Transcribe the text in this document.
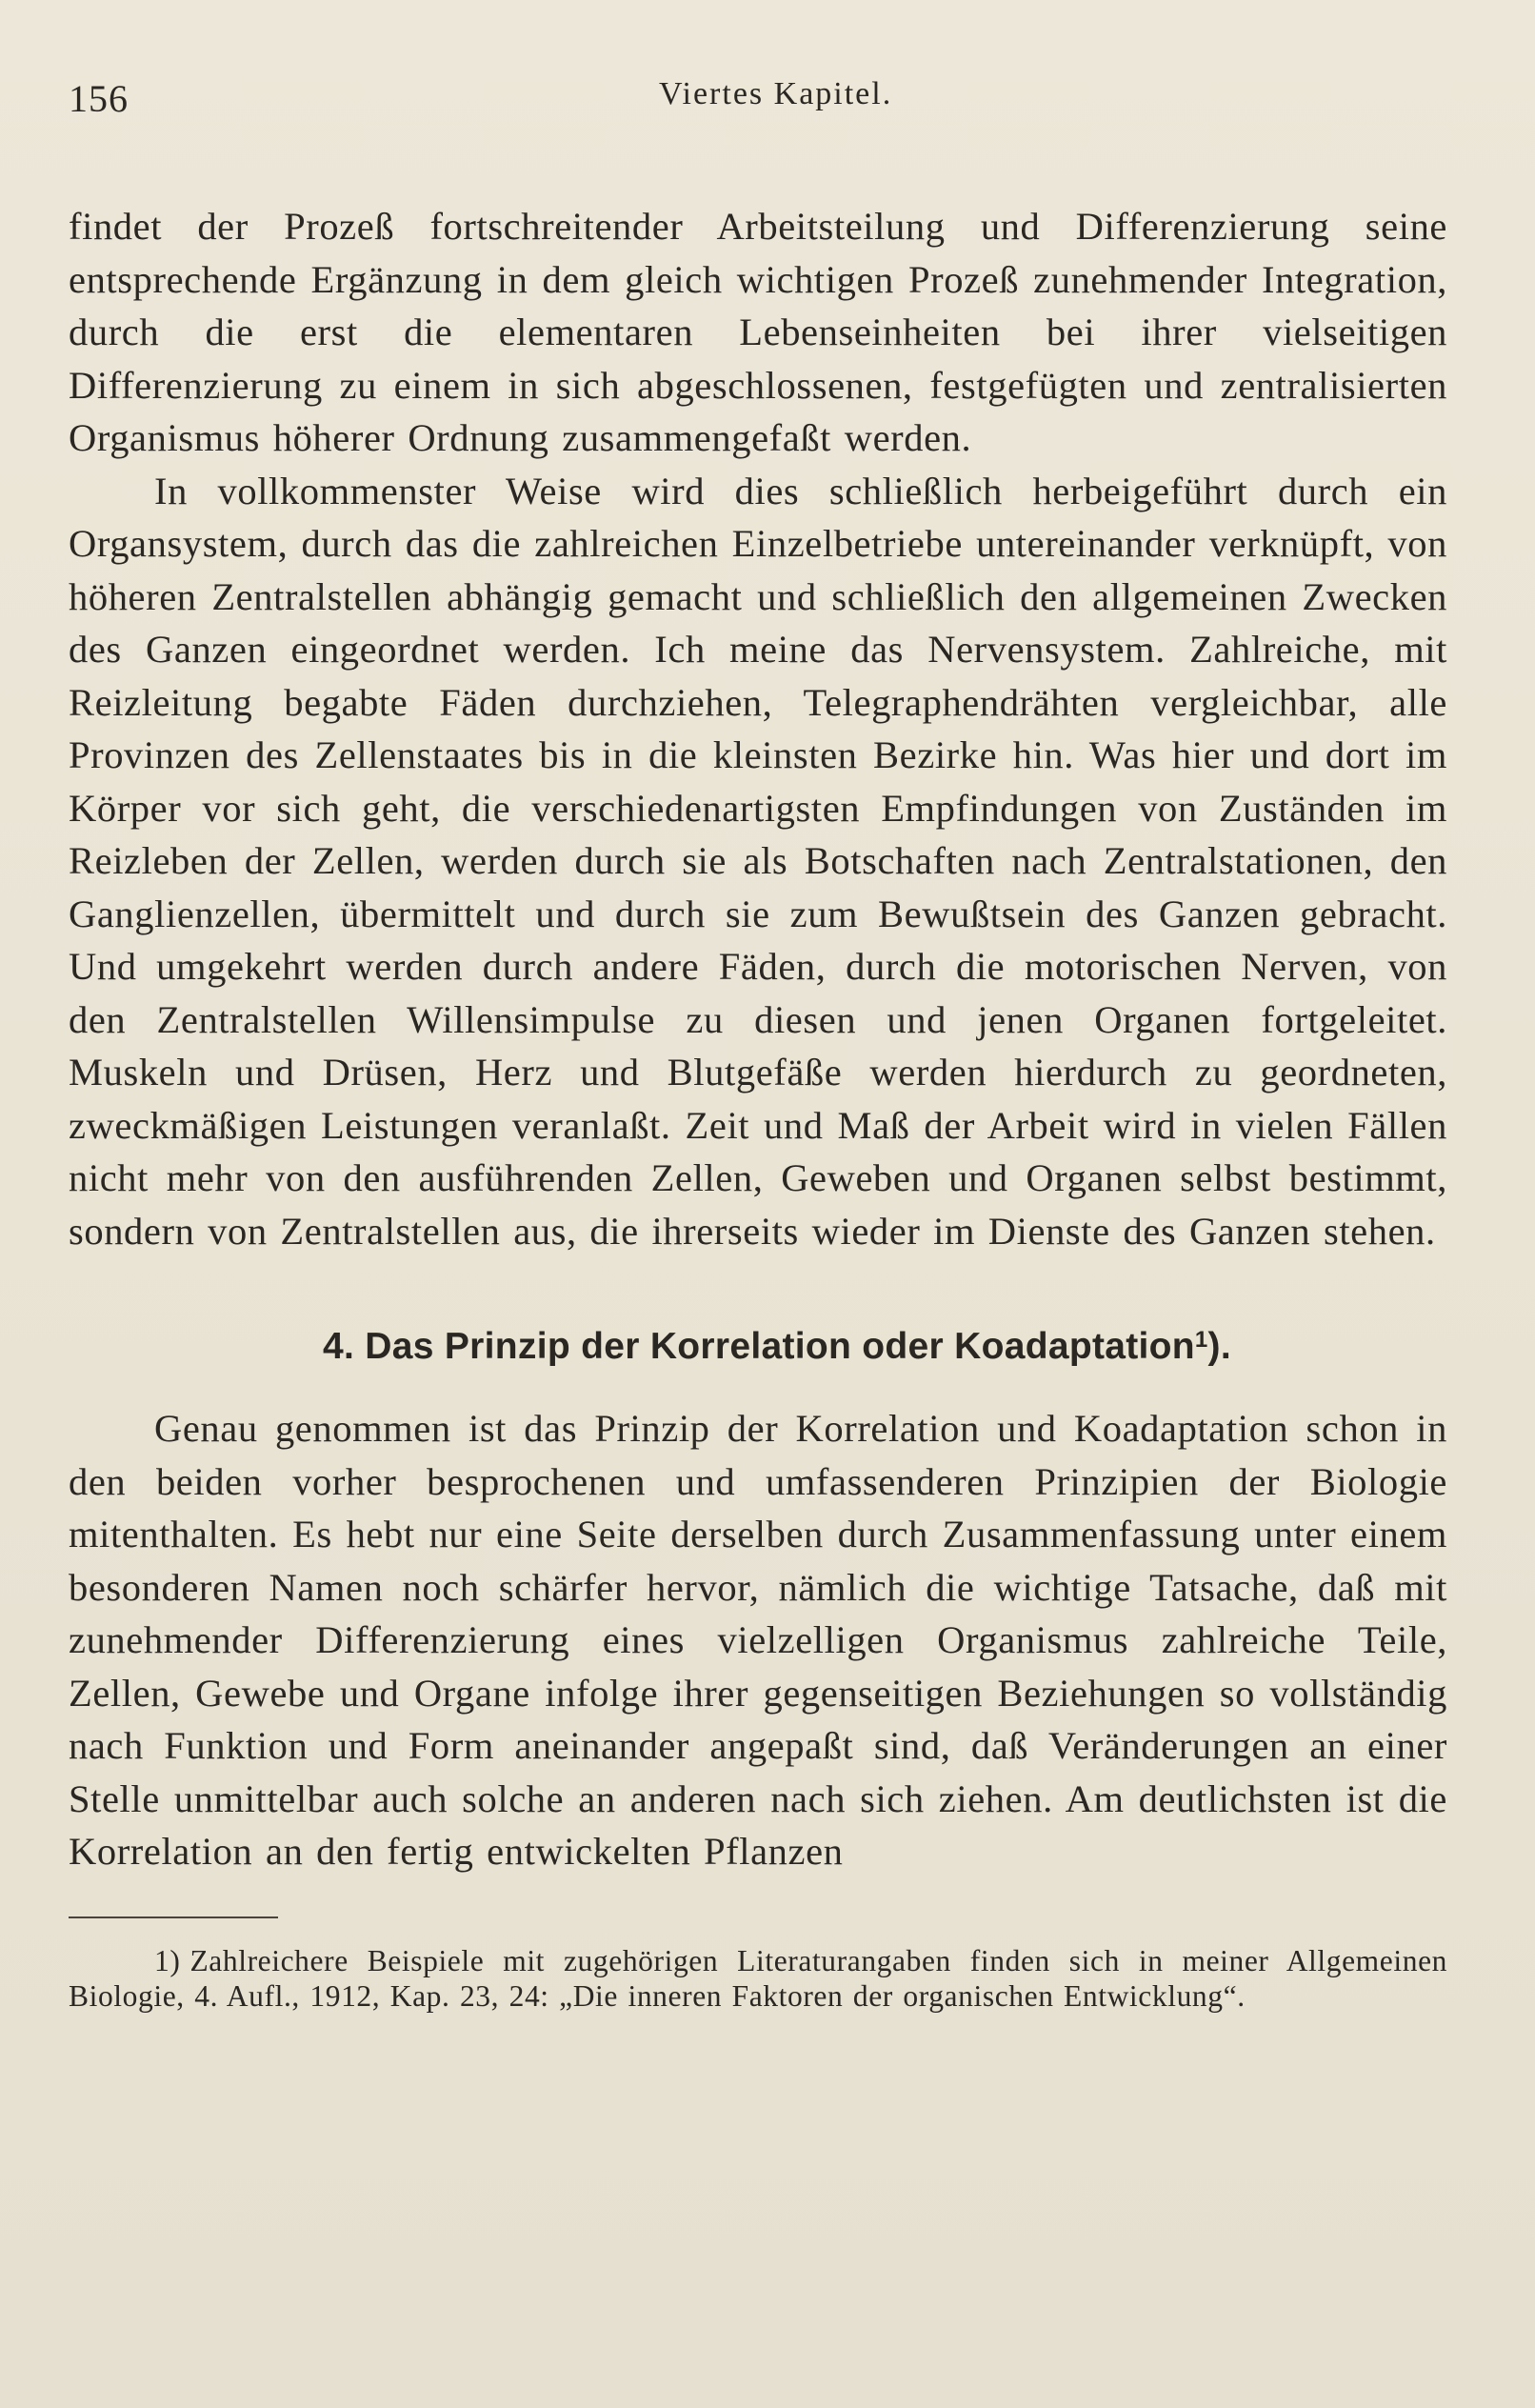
156	Viertes Kapitel.

findet der Prozeß fortschreitender Arbeitsteilung und Differenzierung seine entsprechende Ergänzung in dem gleich wichtigen Prozeß zunehmender Integration, durch die erst die elementaren Lebenseinheiten bei ihrer vielseitigen Differenzierung zu einem in sich abgeschlossenen, festgefügten und zentralisierten Organismus höherer Ordnung zusammengefaßt werden.

In vollkommenster Weise wird dies schließlich herbeigeführt durch ein Organsystem, durch das die zahlreichen Einzelbetriebe untereinander verknüpft, von höheren Zentralstellen abhängig gemacht und schließlich den allgemeinen Zwecken des Ganzen eingeordnet werden. Ich meine das Nervensystem. Zahlreiche, mit Reizleitung begabte Fäden durchziehen, Telegraphendrähten vergleichbar, alle Provinzen des Zellenstaates bis in die kleinsten Bezirke hin. Was hier und dort im Körper vor sich geht, die verschiedenartigsten Empfindungen von Zuständen im Reizleben der Zellen, werden durch sie als Botschaften nach Zentralstationen, den Ganglienzellen, übermittelt und durch sie zum Bewußtsein des Ganzen gebracht. Und umgekehrt werden durch andere Fäden, durch die motorischen Nerven, von den Zentralstellen Willensimpulse zu diesen und jenen Organen fortgeleitet. Muskeln und Drüsen, Herz und Blutgefäße werden hierdurch zu geordneten, zweckmäßigen Leistungen veranlaßt. Zeit und Maß der Arbeit wird in vielen Fällen nicht mehr von den ausführenden Zellen, Geweben und Organen selbst bestimmt, sondern von Zentralstellen aus, die ihrerseits wieder im Dienste des Ganzen stehen.

4. Das Prinzip der Korrelation oder Koadaptation$^1$).

Genau genommen ist das Prinzip der Korrelation und Koadaptation schon in den beiden vorher besprochenen und umfassenderen Prinzipien der Biologie mitenthalten. Es hebt nur eine Seite derselben durch Zusammenfassung unter einem besonderen Namen noch schärfer hervor, nämlich die wichtige Tatsache, daß mit zunehmender Differenzierung eines vielzelligen Organismus zahlreiche Teile, Zellen, Gewebe und Organe infolge ihrer gegenseitigen Beziehungen so vollständig nach Funktion und Form aneinander angepaßt sind, daß Veränderungen an einer Stelle unmittelbar auch solche an anderen nach sich ziehen. Am deutlichsten ist die Korrelation an den fertig entwickelten Pflanzen

1) Zahlreichere Beispiele mit zugehörigen Literaturangaben finden sich in meiner Allgemeinen Biologie, 4. Aufl., 1912, Kap. 23, 24: „Die inneren Faktoren der organischen Entwicklung“.
